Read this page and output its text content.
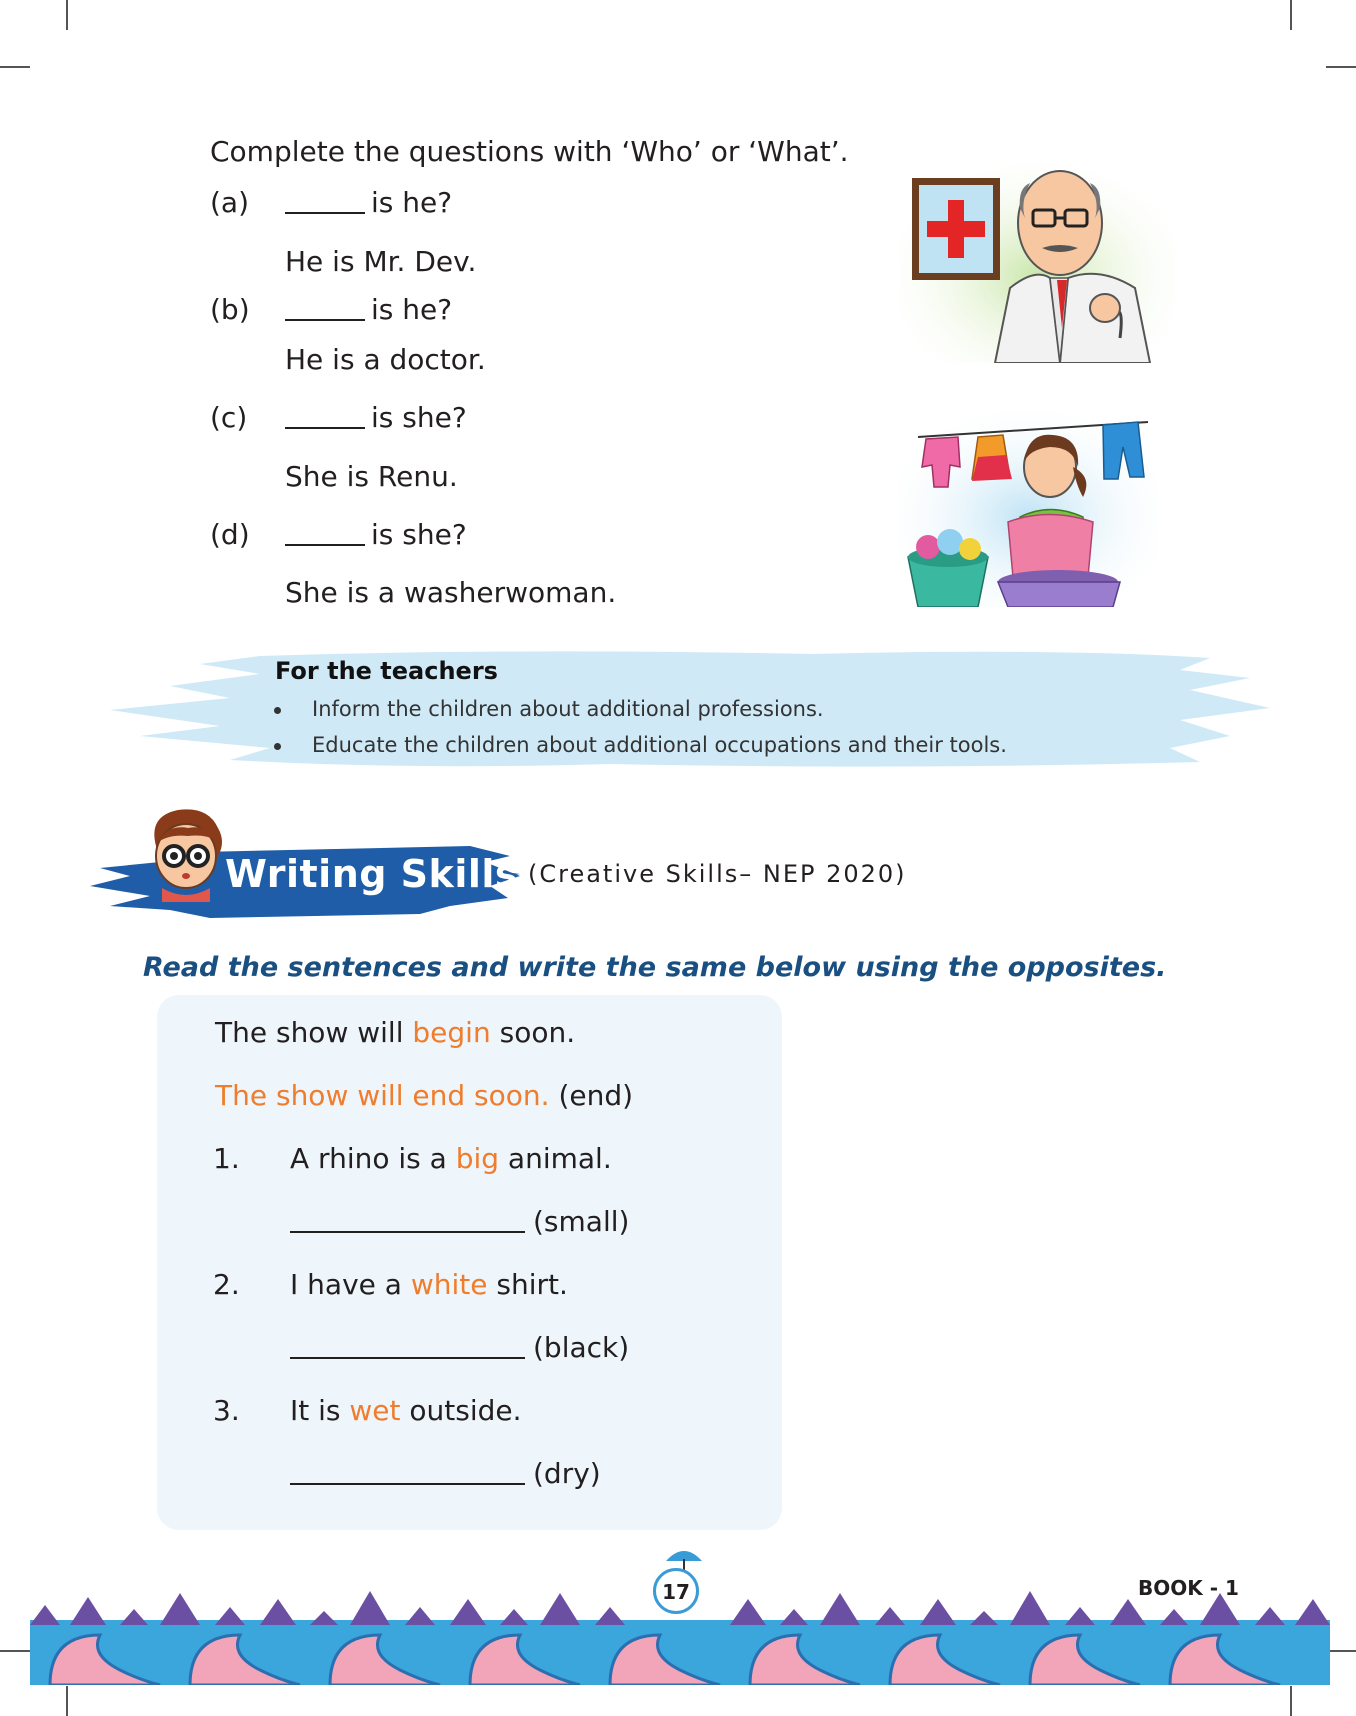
Complete the questions with ‘Who’ or ‘What’.
(a)	is he?
He is Mr. Dev.
(b)	is he?
He is a doctor.
(c)	is she?
She is Renu.
(d)	is she?
She is a washerwoman.
For the teachers
Inform the children about additional professions.
Educate the children about additional occupations and their tools.
Writing Skills (Creative Skills– NEP 2020)
Read the sentences and write the same below using the opposites.
The show will begin soon.
The show will end soon. (end)
1. A rhino is a big animal.
(small)
2. I have a white shirt.
(black)
3. It is wet outside.
(dry)
17	BOOK - 1
